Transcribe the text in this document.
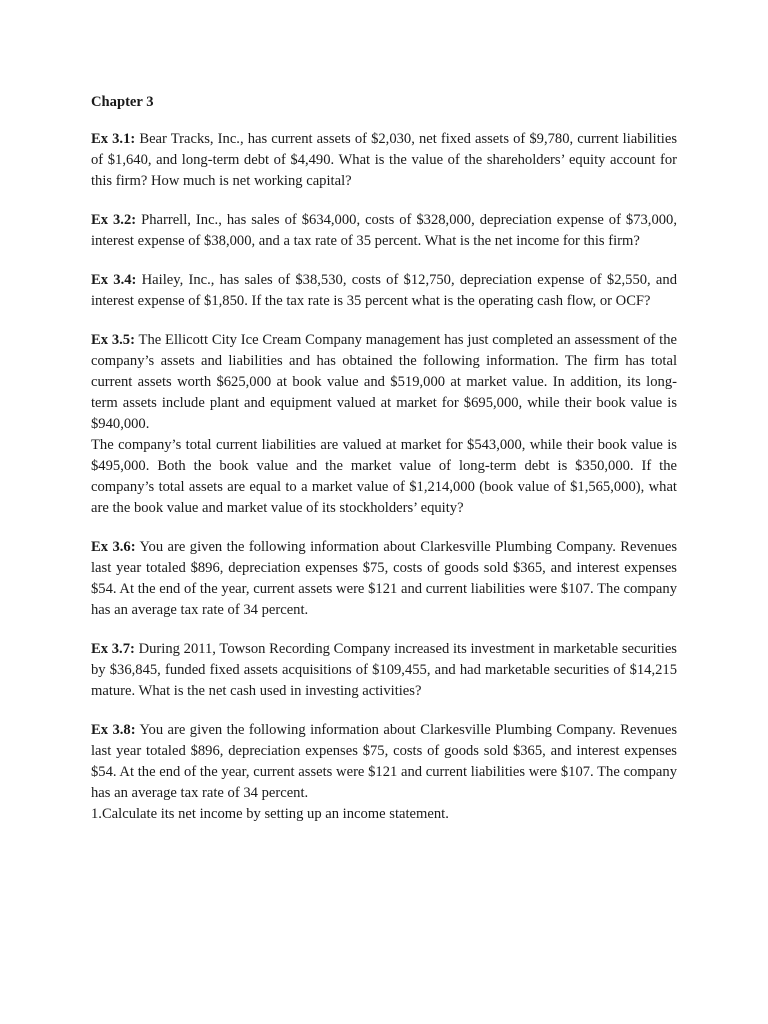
Chapter 3

Ex 3.1: Bear Tracks, Inc., has current assets of $2,030, net fixed assets of $9,780, current liabilities of $1,640, and long-term debt of $4,490. What is the value of the shareholders’ equity account for this firm? How much is net working capital?

Ex 3.2: Pharrell, Inc., has sales of $634,000, costs of $328,000, depreciation expense of $73,000, interest expense of $38,000, and a tax rate of 35 percent. What is the net income for this firm?

Ex 3.4: Hailey, Inc., has sales of $38,530, costs of $12,750, depreciation expense of $2,550, and interest expense of $1,850. If the tax rate is 35 percent what is the operating cash flow, or OCF?

Ex 3.5: The Ellicott City Ice Cream Company management has just completed an assessment of the company’s assets and liabilities and has obtained the following information. The firm has total current assets worth $625,000 at book value and $519,000 at market value. In addition, its long-term assets include plant and equipment valued at market for $695,000, while their book value is $940,000.

The company’s total current liabilities are valued at market for $543,000, while their book value is $495,000. Both the book value and the market value of long-term debt is $350,000. If the company’s total assets are equal to a market value of $1,214,000 (book value of $1,565,000), what are the book value and market value of its stockholders’ equity?

Ex 3.6: You are given the following information about Clarkesville Plumbing Company. Revenues last year totaled $896, depreciation expenses $75, costs of goods sold $365, and interest expenses $54. At the end of the year, current assets were $121 and current liabilities were $107. The company has an average tax rate of 34 percent.

Ex 3.7: During 2011, Towson Recording Company increased its investment in marketable securities by $36,845, funded fixed assets acquisitions of $109,455, and had marketable securities of $14,215 mature. What is the net cash used in investing activities?

Ex 3.8: You are given the following information about Clarkesville Plumbing Company. Revenues last year totaled $896, depreciation expenses $75, costs of goods sold $365, and interest expenses $54. At the end of the year, current assets were $121 and current liabilities were $107. The company has an average tax rate of 34 percent.

1.Calculate its net income by setting up an income statement.
